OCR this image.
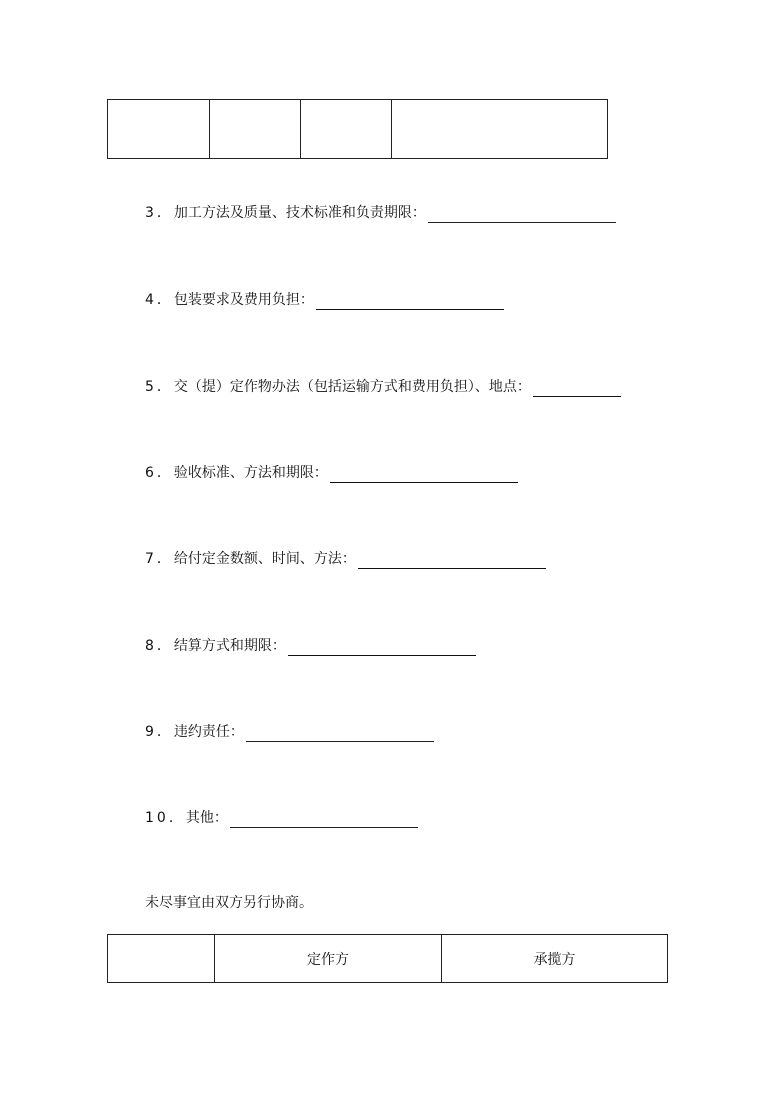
3． 加工方法及质量、技术标准和负责期限：
4． 包装要求及费用负担：
5． 交（提）定作物办法（包括运输方式和费用负担）、地点：
6． 验收标准、方法和期限：
7． 给付定金数额、时间、方法：
8． 结算方式和期限：
9． 违约责任：
10． 其他：
未尽事宜由双方另行协商。
	定作方	承揽方
